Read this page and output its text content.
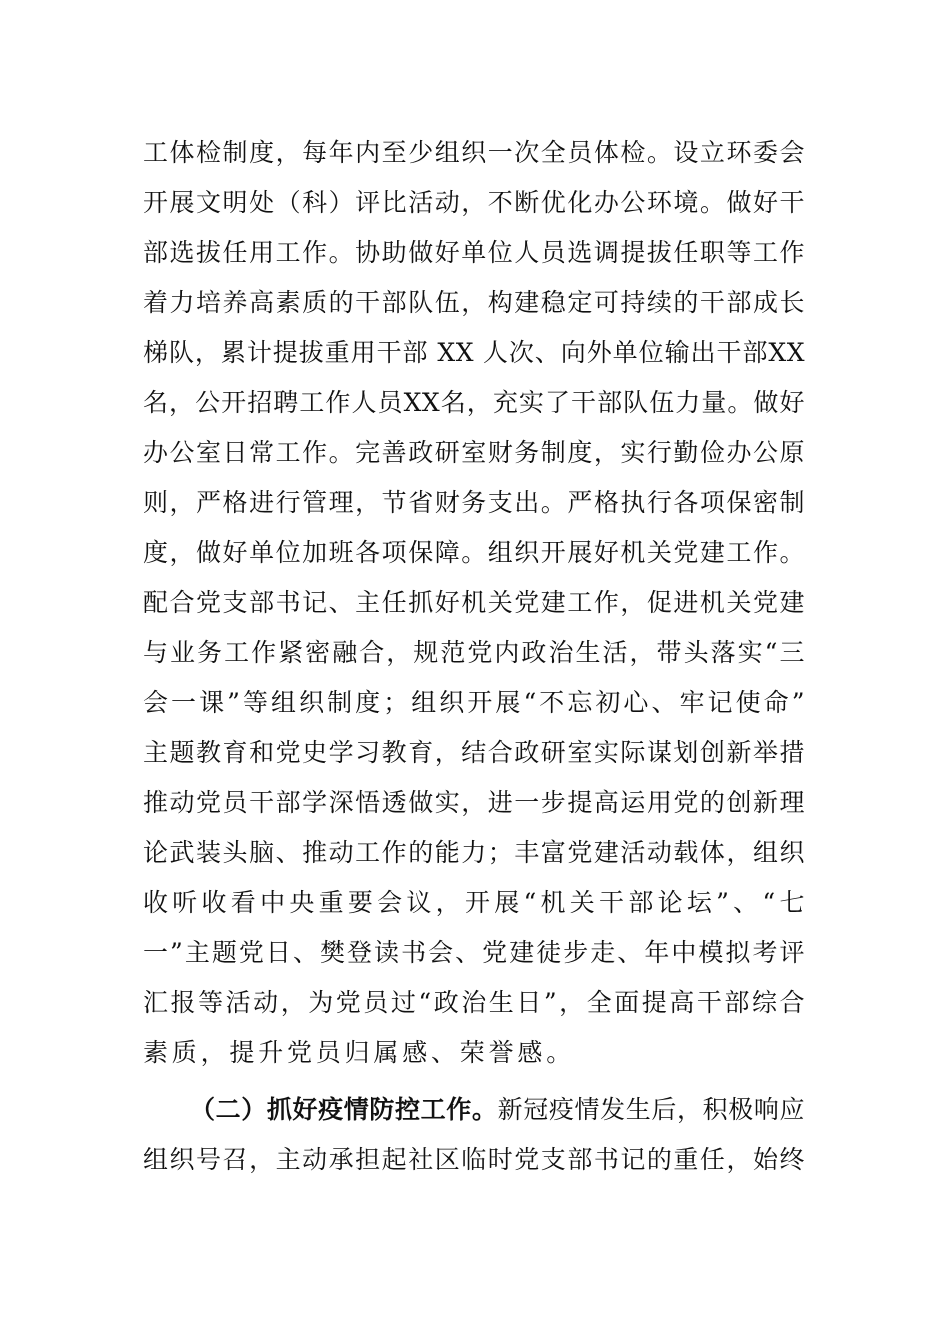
工体检制度，每年内至少组织一次全员体检。设立环委会
开展文明处（科）评比活动，不断优化办公环境。做好干
部选拔任用工作。协助做好单位人员选调提拔任职等工作
着力培养高素质的干部队伍，构建稳定可持续的干部成长
梯队，累计提拔重用干部 XX 人次、向外单位输出干部XX
名，公开招聘工作人员XX名，充实了干部队伍力量。做好
办公室日常工作。完善政研室财务制度，实行勤俭办公原
则，严格进行管理，节省财务支出。严格执行各项保密制
度，做好单位加班各项保障。组织开展好机关党建工作。
配合党支部书记、主任抓好机关党建工作，促进机关党建
与业务工作紧密融合，规范党内政治生活，带头落实“三
会一课”等组织制度；组织开展“不忘初心、牢记使命”
主题教育和党史学习教育，结合政研室实际谋划创新举措
推动党员干部学深悟透做实，进一步提高运用党的创新理
论武装头脑、推动工作的能力；丰富党建活动载体，组织
收听收看中央重要会议，开展“机关干部论坛”、“七
一”主题党日、樊登读书会、党建徒步走、年中模拟考评
汇报等活动，为党员过“政治生日”，全面提高干部综合
素质，提升党员归属感、荣誉感。
（二）抓好疫情防控工作。新冠疫情发生后，积极响应
组织号召，主动承担起社区临时党支部书记的重任，始终
